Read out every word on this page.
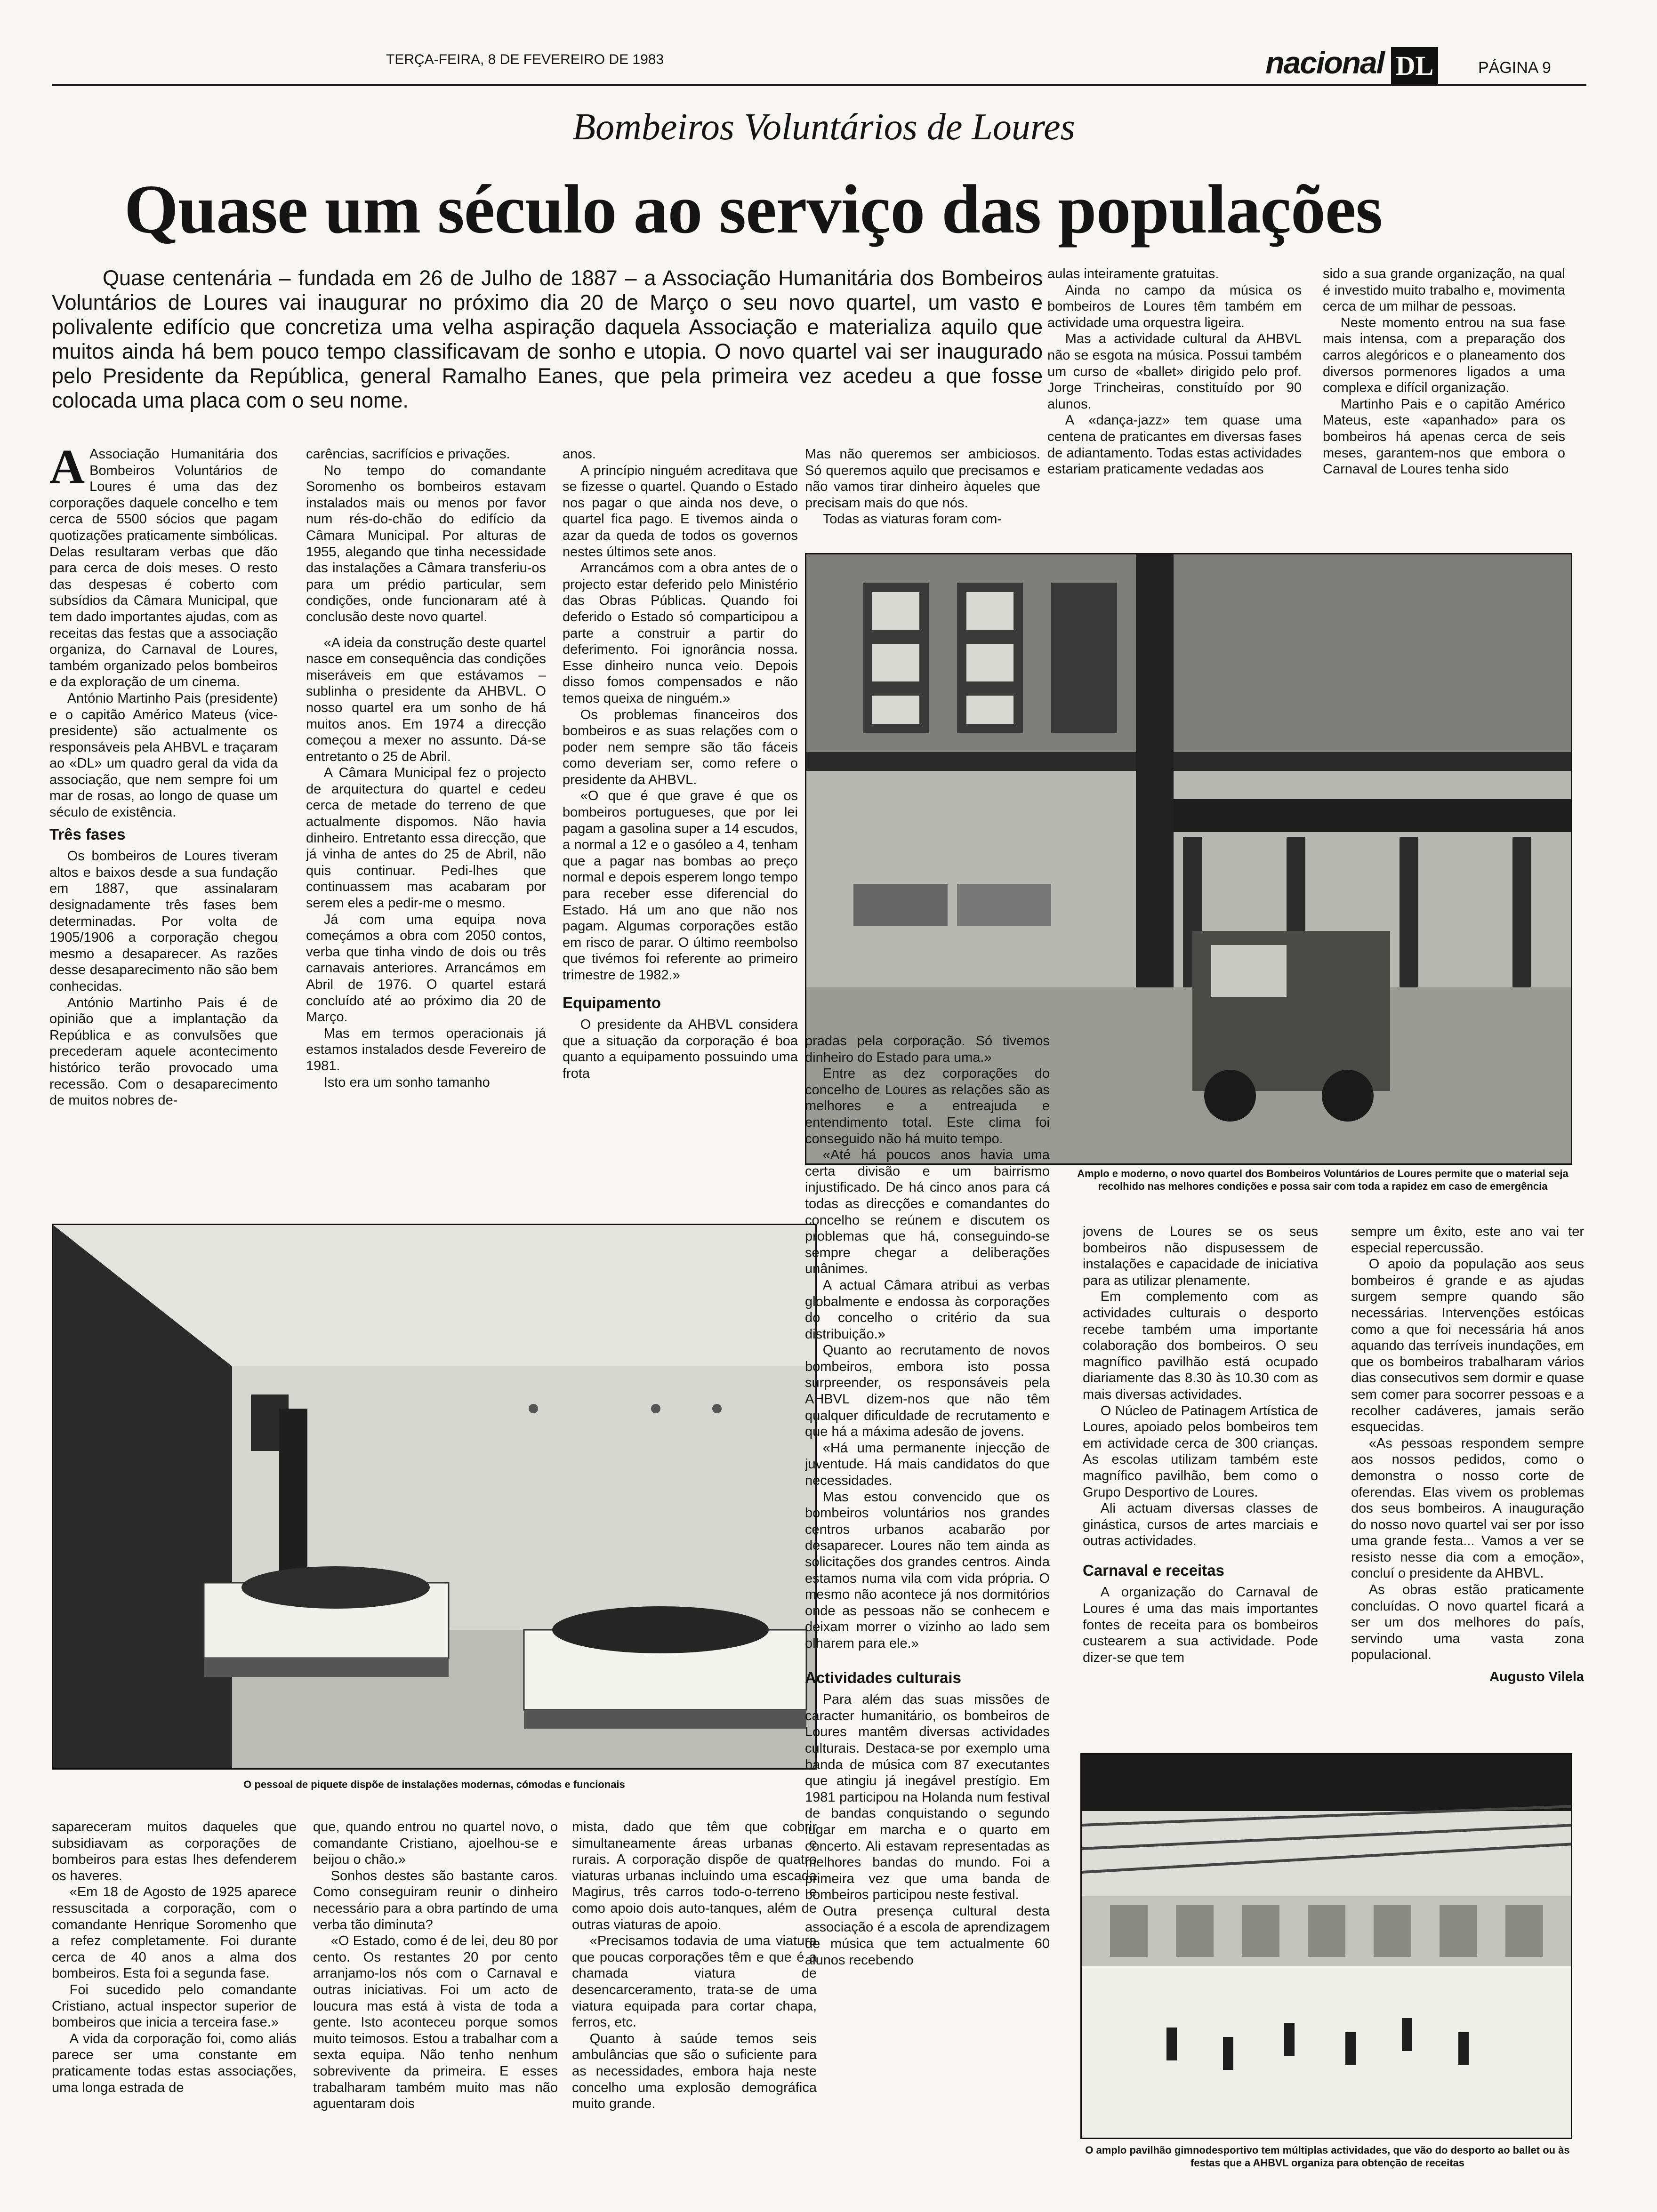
TERÇA-FEIRA, 8 DE FEVEREIRO DE 1983	nacional DL	PÁGINA 9
Bombeiros Voluntários de Loures
Quase um século ao serviço das populações

Quase centenária – fundada em 26 de Julho de 1887 – a Associação Humanitária dos Bombeiros Voluntários de Loures vai inaugurar no próximo dia 20 de Março o seu novo quartel, um vasto e polivalente edifício que concretiza uma velha aspiração daquela Associação e materializa aquilo que muitos ainda há bem pouco tempo classificavam de sonho e utopia. O novo quartel vai ser inaugurado pelo Presidente da República, general Ramalho Eanes, que pela primeira vez acedeu a que fosse colocada uma placa com o seu nome.

A Associação Humanitária dos Bombeiros Voluntários de Loures é uma das dez corporações daquele concelho e tem cerca de 5500 sócios que pagam quotizações praticamente simbólicas. Delas resultaram verbas que dão para cerca de dois meses. O resto das despesas é coberto com subsídios da Câmara Municipal, que tem dado importantes ajudas, com as receitas das festas que a associação organiza, do Carnaval de Loures, também organizado pelos bombeiros e da exploração de um cinema.

António Martinho Pais (presidente) e o capitão Américo Mateus (vice-presidente) são actualmente os responsáveis pela AHBVL e traçaram ao «DL» um quadro geral da vida da associação, que nem sempre foi um mar de rosas, ao longo de quase um século de existência.

Três fases

Os bombeiros de Loures tiveram altos e baixos desde a sua fundação em 1887, que assinalaram designadamente três fases bem determinadas. Por volta de 1905/1906 a corporação chegou mesmo a desaparecer. As razões desse desaparecimento não são bem conhecidas.

António Martinho Pais é de opinião que a implantação da República e as convulsões que precederam aquele acontecimento histórico terão provocado uma recessão. Com o desaparecimento de muitos nobres de-

carências, sacrifícios e privações.

No tempo do comandante Soromenho os bombeiros estavam instalados mais ou menos por favor num rés-do-chão do edifício da Câmara Municipal. Por alturas de 1955, alegando que tinha necessidade das instalações a Câmara transferiu-os para um prédio particular, sem condições, onde funcionaram até à conclusão deste novo quartel.

«A ideia da construção deste quartel nasce em consequência das condições miseráveis em que estávamos – sublinha o presidente da AHBVL. O nosso quartel era um sonho de há muitos anos. Em 1974 a direcção começou a mexer no assunto. Dá-se entretanto o 25 de Abril.

A Câmara Municipal fez o projecto de arquitectura do quartel e cedeu cerca de metade do terreno de que actualmente dispomos. Não havia dinheiro. Entretanto essa direcção, que já vinha de antes do 25 de Abril, não quis continuar. Pedi-lhes que continuassem mas acabaram por serem eles a pedir-me o mesmo.

Já com uma equipa nova começámos a obra com 2050 contos, verba que tinha vindo de dois ou três carnavais anteriores. Arrancámos em Abril de 1976. O quartel estará concluído até ao próximo dia 20 de Março.

Mas em termos operacionais já estamos instalados desde Fevereiro de 1981.

Isto era um sonho tamanho

anos.

A princípio ninguém acreditava que se fizesse o quartel. Quando o Estado nos pagar o que ainda nos deve, o quartel fica pago. E tivemos ainda o azar da queda de todos os governos nestes últimos sete anos.

Arrancámos com a obra antes de o projecto estar deferido pelo Ministério das Obras Públicas. Quando foi deferido o Estado só comparticipou a parte a construir a partir do deferimento. Foi ignorância nossa. Esse dinheiro nunca veio. Depois disso fomos compensados e não temos queixa de ninguém.»

Os problemas financeiros dos bombeiros e as suas relações com o poder nem sempre são tão fáceis como deveriam ser, como refere o presidente da AHBVL.

«O que é que grave é que os bombeiros portugueses, que por lei pagam a gasolina super a 14 escudos, a normal a 12 e o gasóleo a 4, tenham que a pagar nas bombas ao preço normal e depois esperem longo tempo para receber esse diferencial do Estado. Há um ano que não nos pagam. Algumas corporações estão em risco de parar. O último reembolso que tivémos foi referente ao primeiro trimestre de 1982.»

Equipamento

O presidente da AHBVL considera que a situação da corporação é boa quanto a equipamento possuindo uma frota

Mas não queremos ser ambiciosos. Só queremos aquilo que precisamos e não vamos tirar dinheiro àqueles que precisam mais do que nós.

Todas as viaturas foram com-

aulas inteiramente gratuitas.

Ainda no campo da música os bombeiros de Loures têm também em actividade uma orquestra ligeira.

Mas a actividade cultural da AHBVL não se esgota na música. Possui também um curso de «ballet» dirigido pelo prof. Jorge Trincheiras, constituído por 90 alunos.

A «dança-jazz» tem quase uma centena de praticantes em diversas fases de adiantamento. Todas estas actividades estariam praticamente vedadas aos

sido a sua grande organização, na qual é investido muito trabalho e, movimenta cerca de um milhar de pessoas.

Neste momento entrou na sua fase mais intensa, com a preparação dos carros alegóricos e o planeamento dos diversos pormenores ligados a uma complexa e difícil organização.

Martinho Pais e o capitão Américo Mateus, este «apanhado» para os bombeiros há apenas cerca de seis meses, garantem-nos que embora o Carnaval de Loures tenha sido

Amplo e moderno, o novo quartel dos Bombeiros Voluntários de Loures permite que o material seja recolhido nas melhores condições e possa sair com toda a rapidez em caso de emergência
O pessoal de piquete dispõe de instalações modernas, cómodas e funcionais

pradas pela corporação. Só tivemos dinheiro do Estado para uma.»

Entre as dez corporações do concelho de Loures as relações são as melhores e a entreajuda e entendimento total. Este clima foi conseguido não há muito tempo.

«Até há poucos anos havia uma certa divisão e um bairrismo injustificado. De há cinco anos para cá todas as direcções e comandantes do concelho se reúnem e discutem os problemas que há, conseguindo-se sempre chegar a deliberações unânimes.

A actual Câmara atribui as verbas globalmente e endossa às corporações do concelho o critério da sua distribuição.»

Quanto ao recrutamento de novos bombeiros, embora isto possa surpreender, os responsáveis pela AHBVL dizem-nos que não têm qualquer dificuldade de recrutamento e que há a máxima adesão de jovens.

«Há uma permanente injecção de juventude. Há mais candidatos do que necessidades.

Mas estou convencido que os bombeiros voluntários nos grandes centros urbanos acabarão por desaparecer. Loures não tem ainda as solicitações dos grandes centros. Ainda estamos numa vila com vida própria. O mesmo não acontece já nos dormitórios onde as pessoas não se conhecem e deixam morrer o vizinho ao lado sem olharem para ele.»

Actividades culturais

Para além das suas missões de cáracter humanitário, os bombeiros de Loures mantêm diversas actividades culturais. Destaca-se por exemplo uma banda de música com 87 executantes que atingiu já inegável prestígio. Em 1981 participou na Holanda num festival de bandas conquistando o segundo lugar em marcha e o quarto em concerto. Ali estavam representadas as melhores bandas do mundo. Foi a primeira vez que uma banda de bombeiros participou neste festival.

Outra presença cultural desta associação é a escola de aprendizagem de música que tem actualmente 60 alunos recebendo

jovens de Loures se os seus bombeiros não dispusessem de instalações e capacidade de iniciativa para as utilizar plenamente.

Em complemento com as actividades culturais o desporto recebe também uma importante colaboração dos bombeiros. O seu magnífico pavilhão está ocupado diariamente das 8.30 às 10.30 com as mais diversas actividades.

O Núcleo de Patinagem Artística de Loures, apoiado pelos bombeiros tem em actividade cerca de 300 crianças. As escolas utilizam também este magnífico pavilhão, bem como o Grupo Desportivo de Loures.

Ali actuam diversas classes de ginástica, cursos de artes marciais e outras actividades.

Carnaval e receitas

A organização do Carnaval de Loures é uma das mais importantes fontes de receita para os bombeiros custearem a sua actividade. Pode dizer-se que tem

sempre um êxito, este ano vai ter especial repercussão.

O apoio da população aos seus bombeiros é grande e as ajudas surgem sempre quando são necessárias. Intervenções estóicas como a que foi necessária há anos aquando das terríveis inundações, em que os bombeiros trabalharam vários dias consecutivos sem dormir e quase sem comer para socorrer pessoas e a recolher cadáveres, jamais serão esquecidas.

«As pessoas respondem sempre aos nossos pedidos, como o demonstra o nosso corte de oferendas. Elas vivem os problemas dos seus bombeiros. A inauguração do nosso novo quartel vai ser por isso uma grande festa... Vamos a ver se resisto nesse dia com a emoção», concluí o presidente da AHBVL.

As obras estão praticamente concluídas. O novo quartel ficará a ser um dos melhores do país, servindo uma vasta zona populacional.

Augusto Vilela

O amplo pavilhão gimnodesportivo tem múltiplas actividades, que vão do desporto ao ballet ou às festas que a AHBVL organiza para obtenção de receitas

sapareceram muitos daqueles que subsidiavam as corporações de bombeiros para estas lhes defenderem os haveres.

«Em 18 de Agosto de 1925 aparece ressuscitada a corporação, com o comandante Henrique Soromenho que a refez completamente. Foi durante cerca de 40 anos a alma dos bombeiros. Esta foi a segunda fase.

Foi sucedido pelo comandante Cristiano, actual inspector superior de bombeiros que inicia a terceira fase.»

A vida da corporação foi, como aliás parece ser uma constante em praticamente todas estas associações, uma longa estrada de

que, quando entrou no quartel novo, o comandante Cristiano, ajoelhou-se e beijou o chão.»

Sonhos destes são bastante caros. Como conseguiram reunir o dinheiro necessário para a obra partindo de uma verba tão diminuta?

«O Estado, como é de lei, deu 80 por cento. Os restantes 20 por cento arranjamo-los nós com o Carnaval e outras iniciativas. Foi um acto de loucura mas está à vista de toda a gente. Isto aconteceu porque somos muito teimosos. Estou a trabalhar com a sexta equipa. Não tenho nenhum sobrevivente da primeira. E esses trabalharam também muito mas não aguentaram dois

mista, dado que têm que cobrir simultaneamente áreas urbanas e rurais. A corporação dispõe de quatro viaturas urbanas incluindo uma escada Magirus, três carros todo-o-terreno e como apoio dois auto-tanques, além de outras viaturas de apoio.

«Precisamos todavia de uma viatura que poucas corporações têm e que é a chamada viatura de desencarceramento, trata-se de uma viatura equipada para cortar chapa, ferros, etc.

Quanto à saúde temos seis ambulâncias que são o suficiente para as necessidades, embora haja neste concelho uma explosão demográfica muito grande.
